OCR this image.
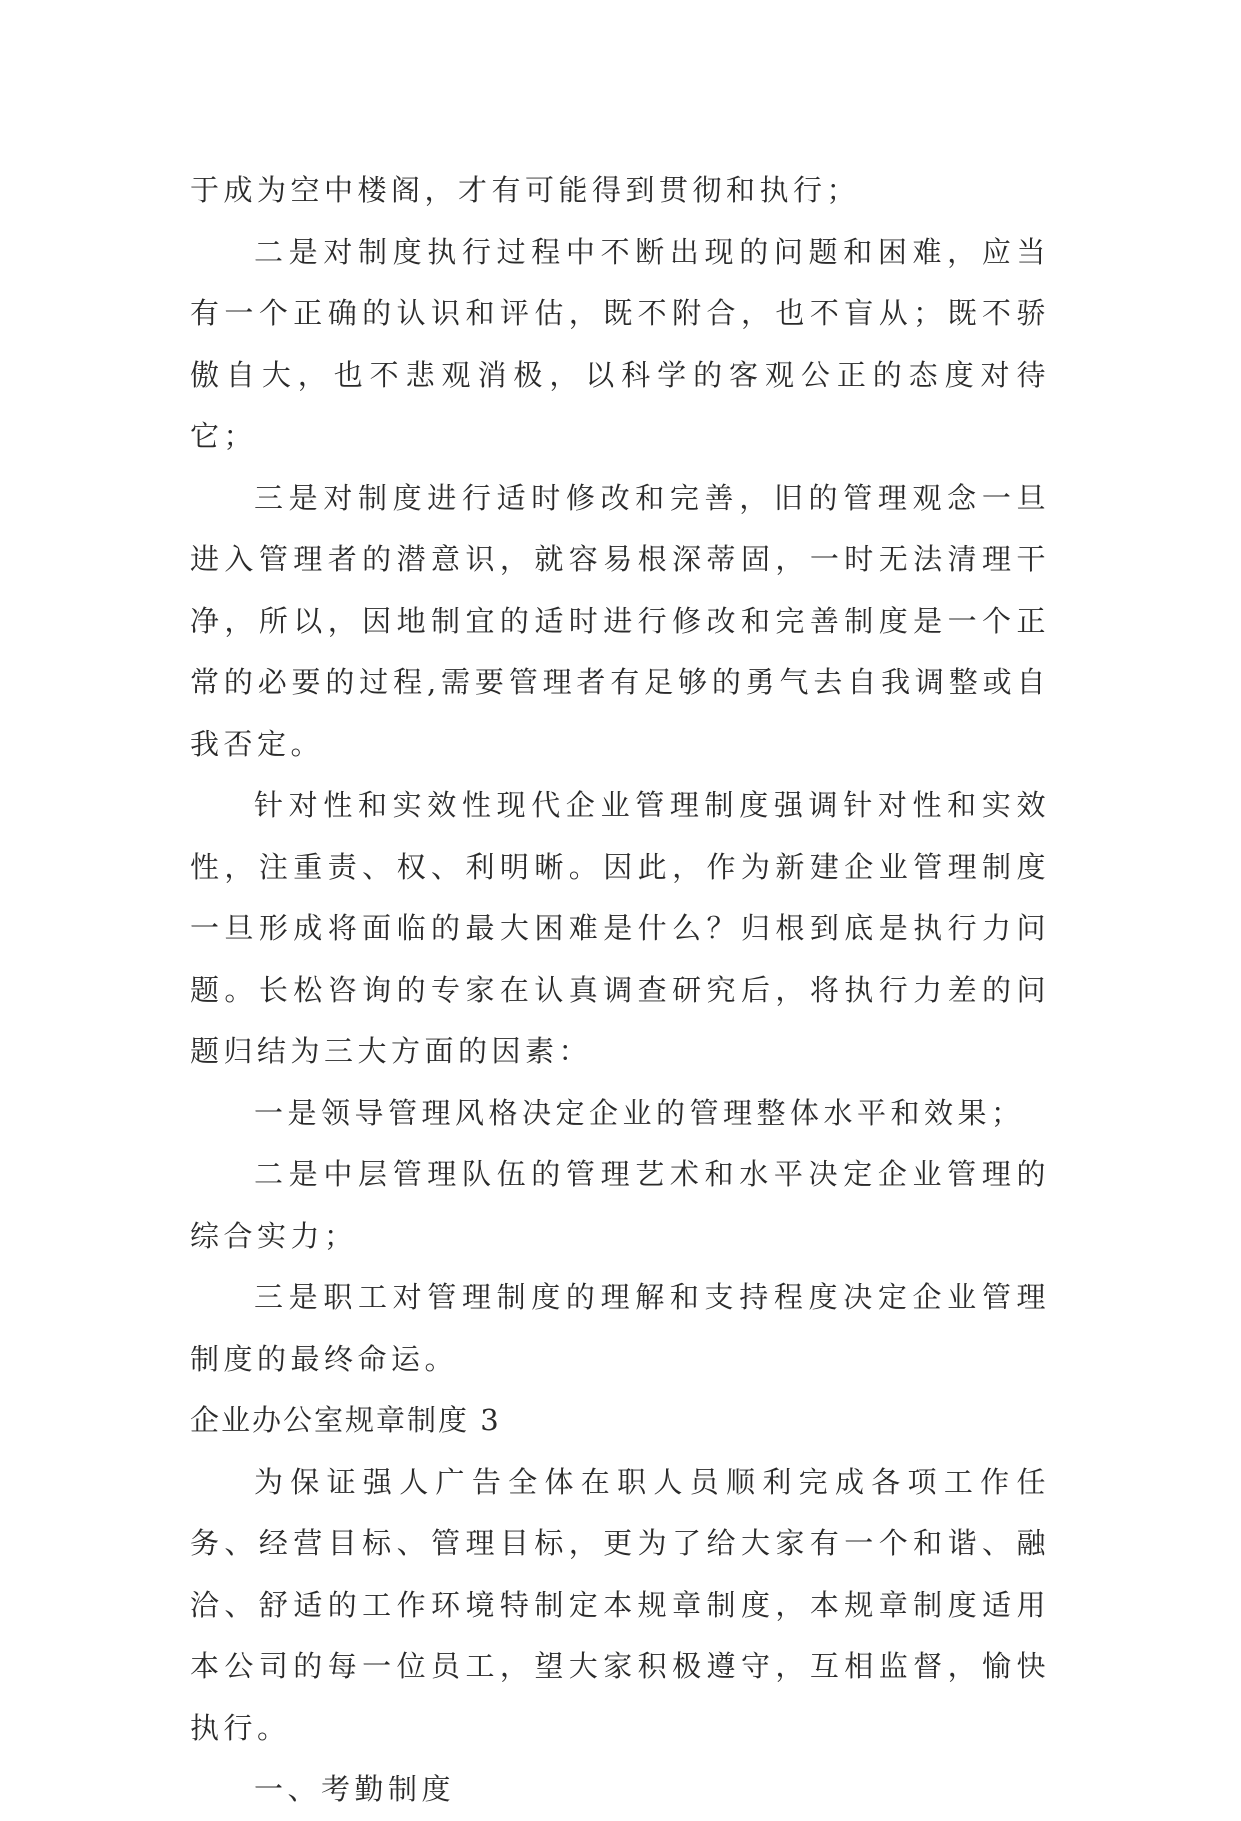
于成为空中楼阁，才有可能得到贯彻和执行；

二是对制度执行过程中不断出现的问题和困难，应当有一个正确的认识和评估，既不附合，也不盲从；既不骄傲自大，也不悲观消极，以科学的客观公正的态度对待它；

三是对制度进行适时修改和完善，旧的管理观念一旦进入管理者的潜意识，就容易根深蒂固，一时无法清理干净，所以，因地制宜的适时进行修改和完善制度是一个正常的必要的过程,需要管理者有足够的勇气去自我调整或自我否定。

针对性和实效性现代企业管理制度强调针对性和实效性，注重责、权、利明晰。因此，作为新建企业管理制度一旦形成将面临的最大困难是什么？归根到底是执行力问题。长松咨询的专家在认真调查研究后，将执行力差的问题归结为三大方面的因素：

一是领导管理风格决定企业的管理整体水平和效果；

二是中层管理队伍的管理艺术和水平决定企业管理的综合实力；

三是职工对管理制度的理解和支持程度决定企业管理制度的最终命运。

企业办公室规章制度 3

为保证强人广告全体在职人员顺利完成各项工作任务、经营目标、管理目标，更为了给大家有一个和谐、融洽、舒适的工作环境特制定本规章制度，本规章制度适用本公司的每一位员工，望大家积极遵守，互相监督，愉快执行。

一、考勤制度
